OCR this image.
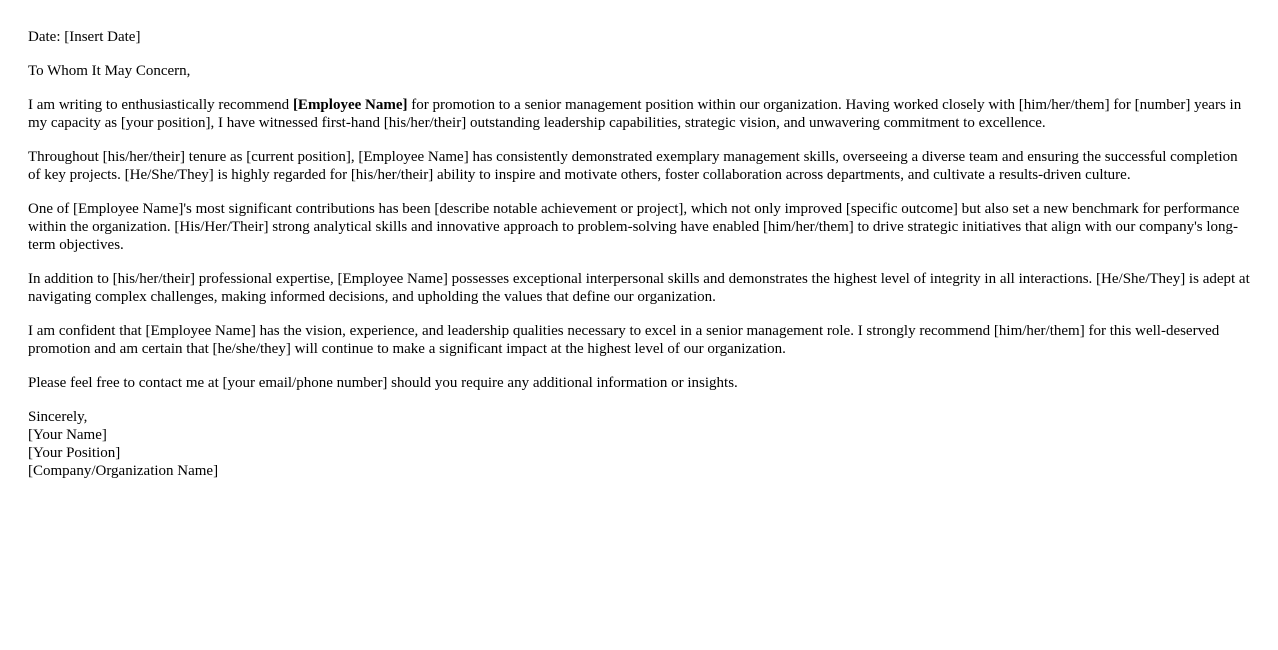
Date: [Insert Date]

To Whom It May Concern,

I am writing to enthusiastically recommend [Employee Name] for promotion to a senior management position within our organization. Having worked closely with [him/her/them] for [number] years in my capacity as [your position], I have witnessed first-hand [his/her/their] outstanding leadership capabilities, strategic vision, and unwavering commitment to excellence.

Throughout [his/her/their] tenure as [current position], [Employee Name] has consistently demonstrated exemplary management skills, overseeing a diverse team and ensuring the successful completion of key projects. [He/She/They] is highly regarded for [his/her/their] ability to inspire and motivate others, foster collaboration across departments, and cultivate a results-driven culture.

One of [Employee Name]'s most significant contributions has been [describe notable achievement or project], which not only improved [specific outcome] but also set a new benchmark for performance within the organization. [His/Her/Their] strong analytical skills and innovative approach to problem-solving have enabled [him/her/them] to drive strategic initiatives that align with our company's long-term objectives.

In addition to [his/her/their] professional expertise, [Employee Name] possesses exceptional interpersonal skills and demonstrates the highest level of integrity in all interactions. [He/She/They] is adept at navigating complex challenges, making informed decisions, and upholding the values that define our organization.

I am confident that [Employee Name] has the vision, experience, and leadership qualities necessary to excel in a senior management role. I strongly recommend [him/her/them] for this well-deserved promotion and am certain that [he/she/they] will continue to make a significant impact at the highest level of our organization.

Please feel free to contact me at [your email/phone number] should you require any additional information or insights.

Sincerely,

[Your Name]

[Your Position]

[Company/Organization Name]
